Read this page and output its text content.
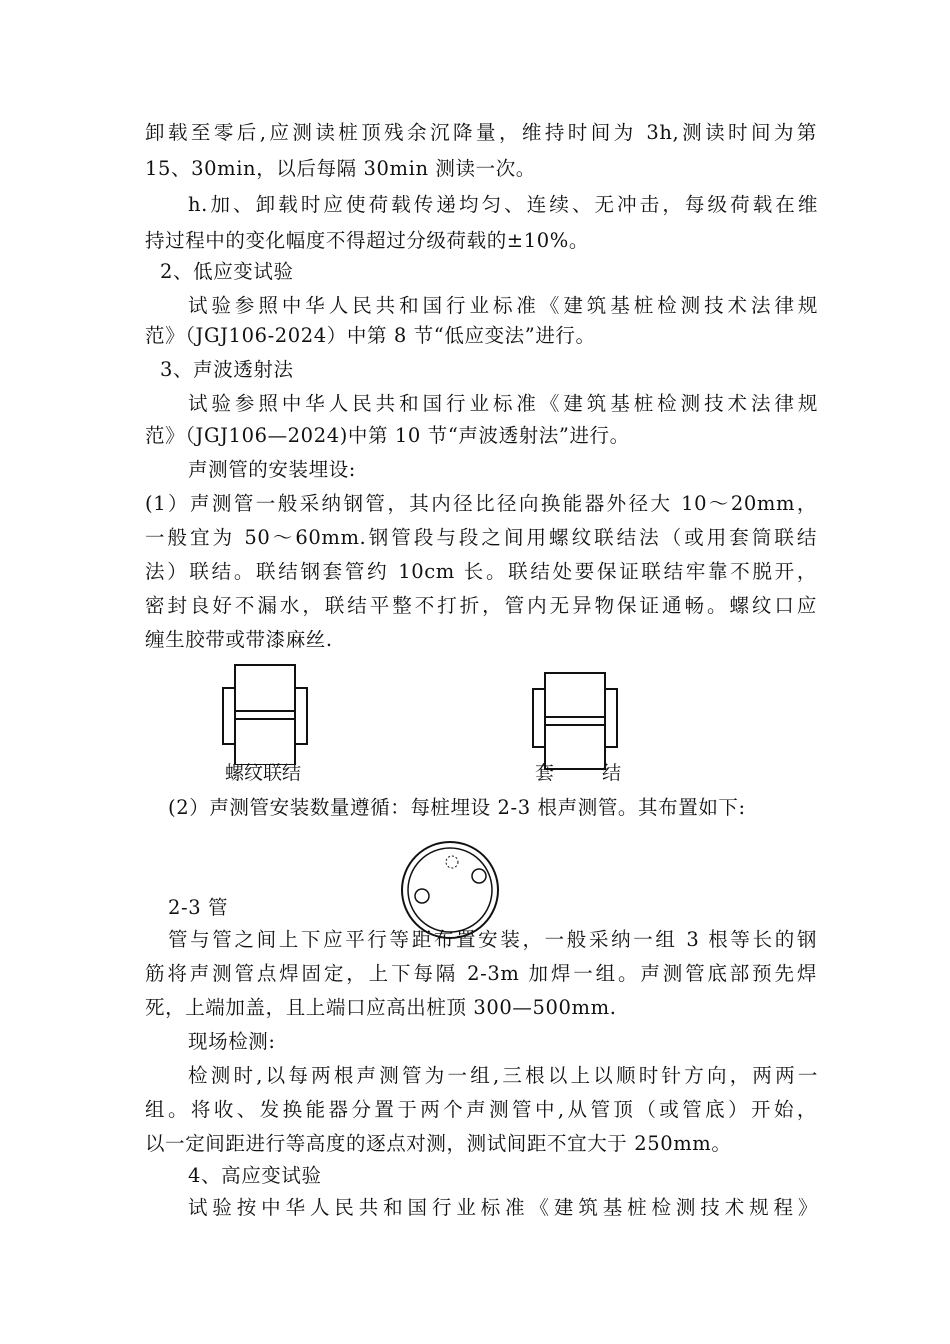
卸载至零后,应测读桩顶残余沉降量，维持时间为 3h,测读时间为第
15、30min，以后每隔 30min 测读一次。
h.加、卸载时应使荷载传递均匀、连续、无冲击，每级荷载在维
持过程中的变化幅度不得超过分级荷载的±10%。
2、低应变试验
试验参照中华人民共和国行业标准《建筑基桩检测技术法律规
范》（JGJ106-2024）中第 8 节“低应变法”进行。
3、声波透射法
试验参照中华人民共和国行业标准《建筑基桩检测技术法律规
范》（JGJ106—2024)中第 10 节“声波透射法”进行。
声测管的安装埋设:
(1）声测管一般采纳钢管，其内径比径向换能器外径大 10～20mm，
一般宜为 50～60mm.钢管段与段之间用螺纹联结法（或用套筒联结
法）联结。联结钢套管约 10cm 长。联结处要保证联结牢靠不脱开，
密封良好不漏水，联结平整不打折，管内无异物保证通畅。螺纹口应
缠生胶带或带漆麻丝.
螺纹联结	套	结
(2）声测管安装数量遵循：每桩埋设 2-3 根声测管。其布置如下:
2-3 管
管与管之间上下应平行等距布置安装，一般采纳一组 3 根等长的钢
筋将声测管点焊固定，上下每隔 2-3m 加焊一组。声测管底部预先焊
死，上端加盖，且上端口应高出桩顶 300—500mm.
现场检测:
检测时,以每两根声测管为一组,三根以上以顺时针方向，两两一
组。将收、发换能器分置于两个声测管中,从管顶（或管底）开始，
以一定间距进行等高度的逐点对测，测试间距不宜大于 250mm。
4、高应变试验
试验按中华人民共和国行业标准《建筑基桩检测技术规程》
